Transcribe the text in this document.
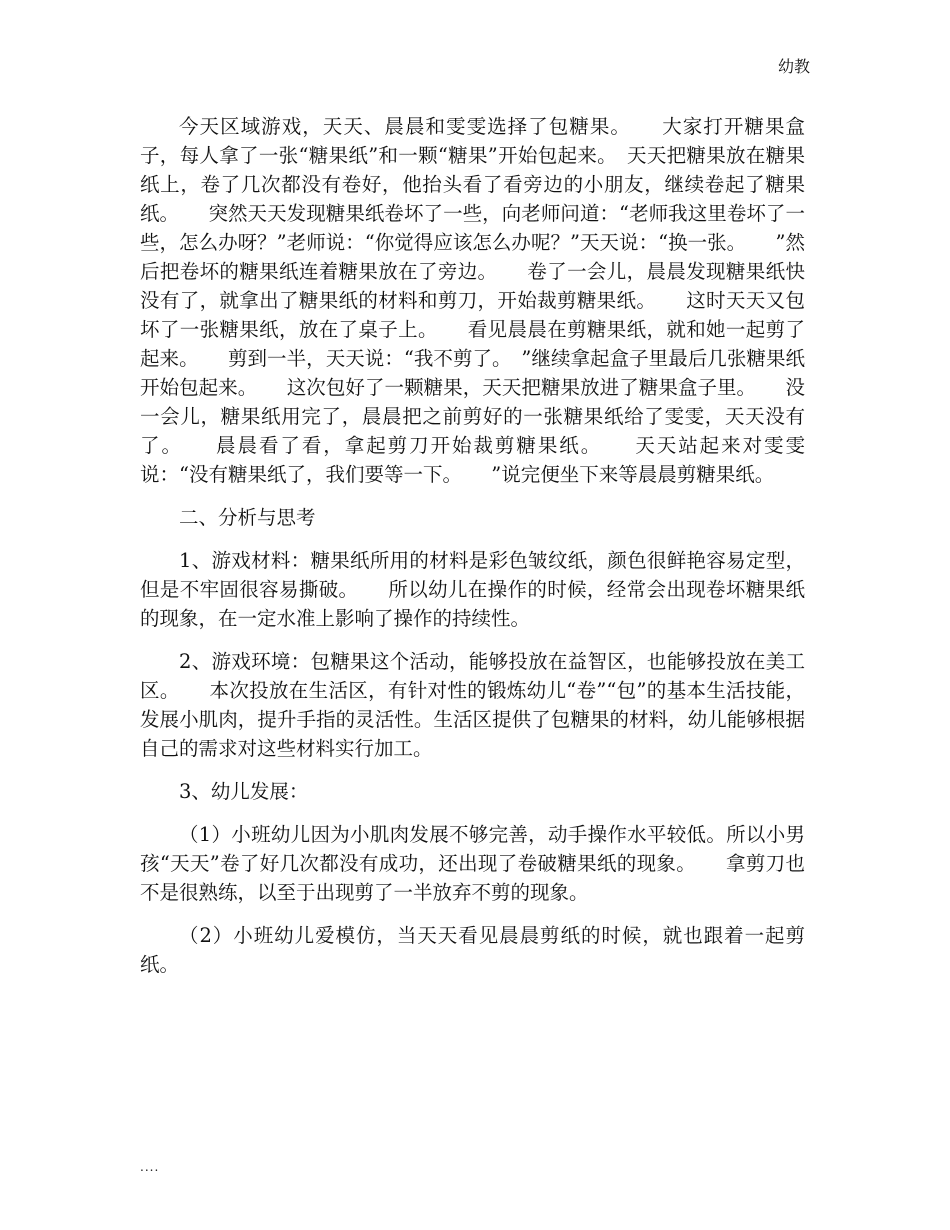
幼教

今天区域游戏，天天、晨晨和雯雯选择了包糖果。　　大家打开糖果盒子，每人拿了一张“糖果纸”和一颗“糖果”开始包起来。　天天把糖果放在糖果纸上，卷了几次都没有卷好，他抬头看了看旁边的小朋友，继续卷起了糖果纸。　　突然天天发现糖果纸卷坏了一些，向老师问道：“老师我这里卷坏了一些，怎么办呀？”老师说：“你觉得应该怎么办呢？”天天说：“换一张。　　”然后把卷坏的糖果纸连着糖果放在了旁边。　　卷了一会儿，晨晨发现糖果纸快没有了，就拿出了糖果纸的材料和剪刀，开始裁剪糖果纸。　　这时天天又包坏了一张糖果纸，放在了桌子上。　　看见晨晨在剪糖果纸，就和她一起剪了起来。　　剪到一半，天天说：“我不剪了。　”继续拿起盒子里最后几张糖果纸开始包起来。　　这次包好了一颗糖果，天天把糖果放进了糖果盒子里。　　没一会儿，糖果纸用完了，晨晨把之前剪好的一张糖果纸给了雯雯，天天没有了。　　晨晨看了看，拿起剪刀开始裁剪糖果纸。　　天天站起来对雯雯说：“没有糖果纸了，我们要等一下。　　”说完便坐下来等晨晨剪糖果纸。

二、分析与思考

1、游戏材料：糖果纸所用的材料是彩色皱纹纸，颜色很鲜艳容易定型，但是不牢固很容易撕破。　　所以幼儿在操作的时候，经常会出现卷坏糖果纸的现象，在一定水准上影响了操作的持续性。

2、游戏环境：包糖果这个活动，能够投放在益智区，也能够投放在美工区。　　本次投放在生活区，有针对性的锻炼幼儿“卷”“包”的基本生活技能，发展小肌肉，提升手指的灵活性。生活区提供了包糖果的材料，幼儿能够根据自己的需求对这些材料实行加工。

3、幼儿发展：

（1）小班幼儿因为小肌肉发展不够完善，动手操作水平较低。所以小男孩“天天”卷了好几次都没有成功，还出现了卷破糖果纸的现象。　　拿剪刀也不是很熟练，以至于出现剪了一半放弃不剪的现象。

（2）小班幼儿爱模仿，当天天看见晨晨剪纸的时候，就也跟着一起剪纸。

....
